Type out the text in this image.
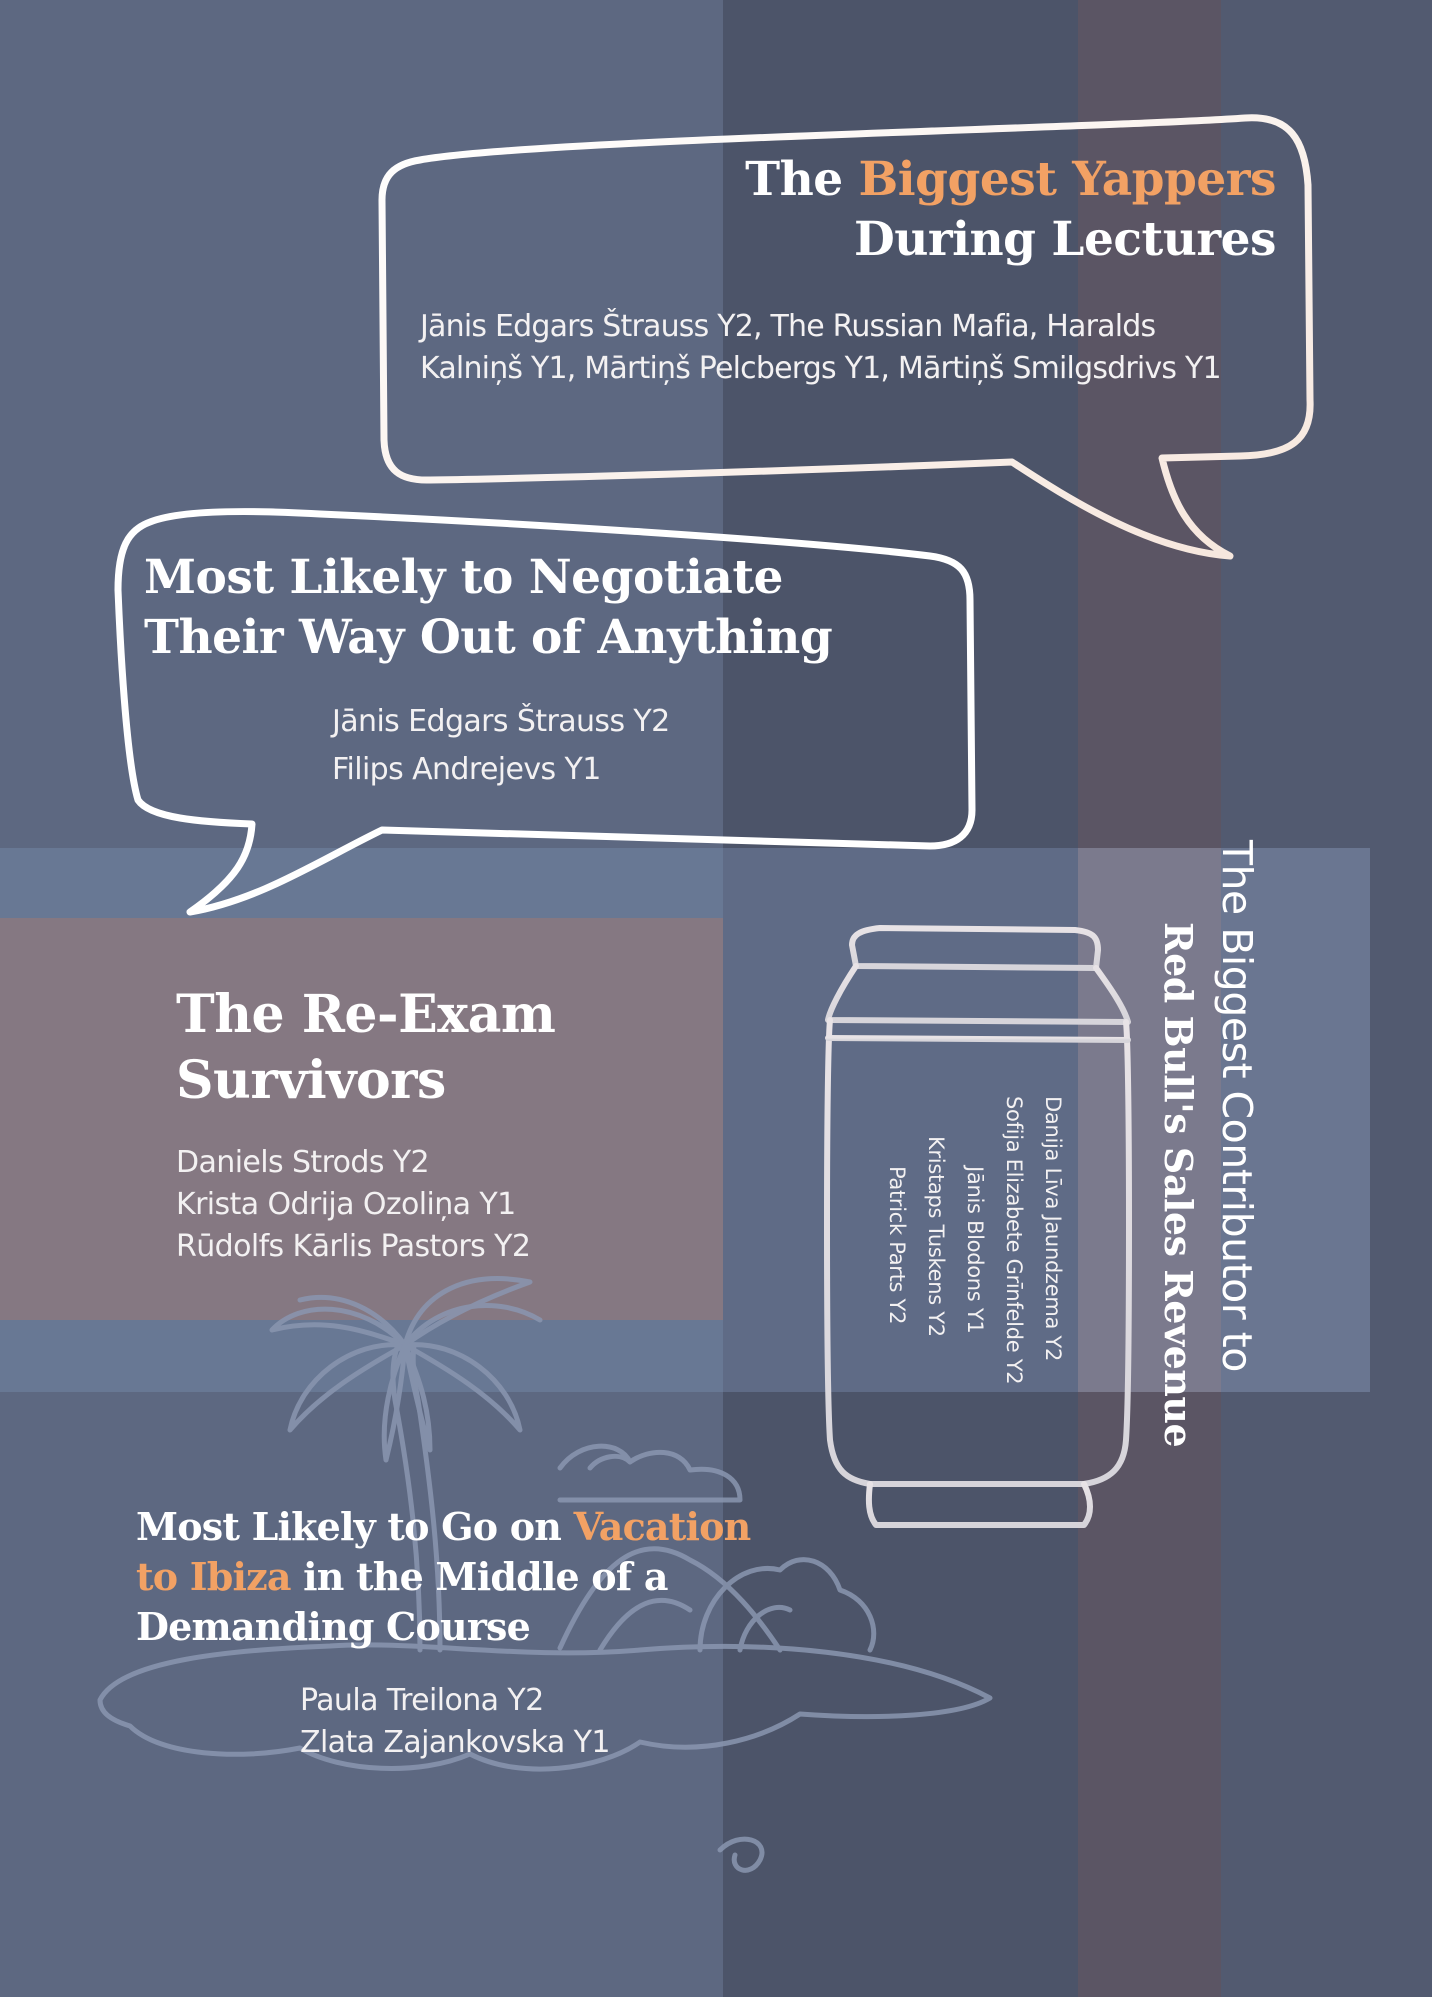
The Biggest Yappers
During Lectures
Jānis Edgars Štrauss Y2, The Russian Mafia, Haralds
Kalniņš Y1, Mārtiņš Pelcbergs Y1, Mārtiņš Smilgsdrivs Y1
Most Likely to Negotiate
Their Way Out of Anything
Jānis Edgars Štrauss Y2
Filips Andrejevs Y1
The Re-Exam
Survivors
Daniels Strods Y2
Krista Odrija Ozoliņa Y1
Rūdolfs Kārlis Pastors Y2	The Biggest Contributor to
Red Bull's Sales Revenue
Danija Līva Jaundzema Y2
Sofija Elizabete Grīnfelde Y2
Jānis Blodons Y1
Kristaps Tuskens Y2
Patrick Parts Y2
Most Likely to Go on Vacation
to Ibiza in the Middle of a
Demanding Course
Paula Treilona Y2
Zlata Zajankovska Y1
